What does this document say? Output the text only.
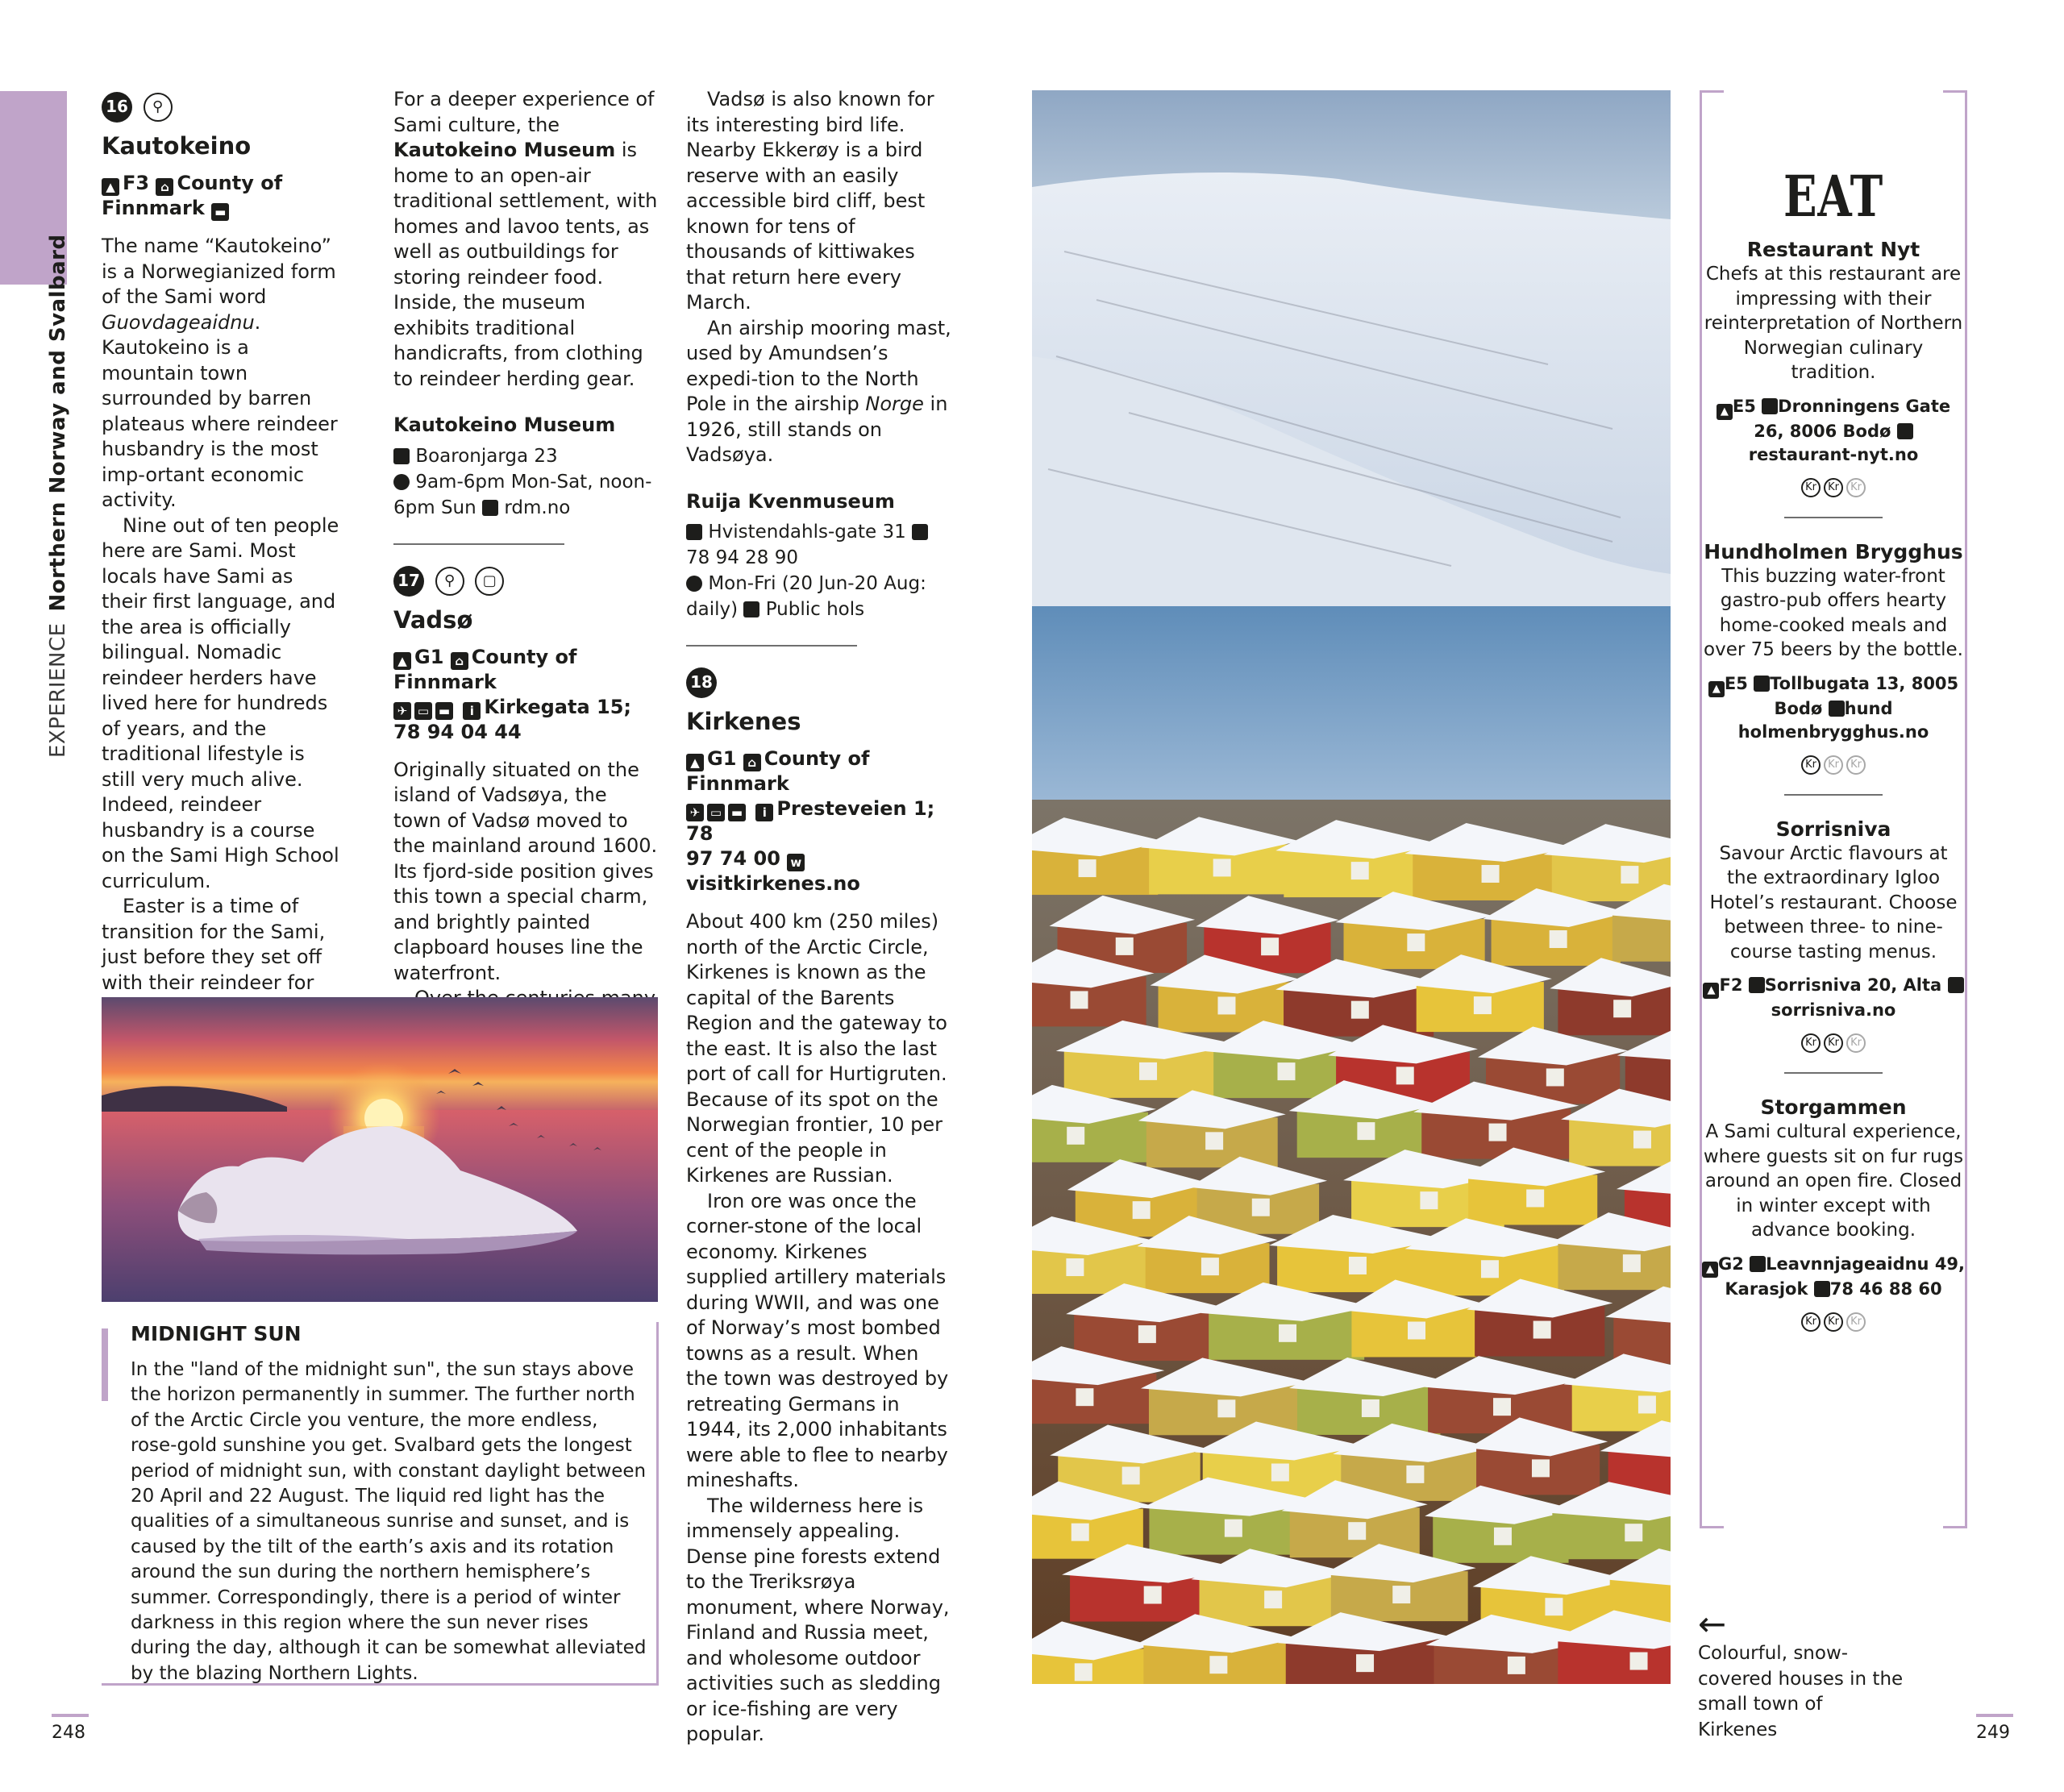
EXPERIENCENorthern Norway and Svalbard
16 ⚲
Kautokeino
▲ F3 ⌂ County of Finnmark ▬

The name “Kautokeino” is a Norwegianized form of the Sami word Guovdageaidnu. Kautokeino is a mountain town surrounded by barren plateaus where reindeer husbandry is the most imp-ortant economic activity.

Nine out of ten people here are Sami. Most locals have Sami as their first language, and the area is officially bilingual. Nomadic reindeer herders have lived here for hundreds of years, and the traditional lifestyle is still very much alive. Indeed, reindeer husbandry is a course on the Sami High School curriculum.

Easter is a time of transition for the Sami, just before they set off with their reindeer for

For a deeper experience of Sami culture, the Kautokeino Museum is home to an open-air traditional settlement, with homes and lavoo tents, as well as outbuildings for storing reindeer food. Inside, the museum exhibits traditional handicrafts, from clothing to reindeer herding gear.

Kautokeino Museum
Boaronjarga 23
9am-6pm Mon-Sat, noon-6pm Sun rdm.no
17 ⚲ ▢
Vadsø
▲ G1 ⌂ County of Finnmark
✈ ▭ ▬ i Kirkegata 15;
78 94 04 44

Originally situated on the island of Vadsøya, the town of Vadsø moved to the mainland around 1600. Its fjord-side position gives this town a special charm, and brightly painted clapboard houses line the waterfront.

Vadsø is also known for its interesting bird life. Nearby Ekkerøy is a bird reserve with an easily accessible bird cliff, best known for tens of thousands of kittiwakes that return here every March.

An airship mooring mast, used by Amundsen’s expedi-tion to the North Pole in the airship Norge in 1926, still stands on Vadsøya.

Ruija Kvenmuseum
Hvistendahls-gate 31  78 94 28 90
Mon-Fri (20 Jun-20 Aug: daily) Public hols
18
Kirkenes
▲ G1 ⌂ County of Finnmark
✈ ▭ ▬ i Presteveien 1; 78
97 74 00 wvisitkirkenes.no

About 400 km (250 miles) north of the Arctic Circle, Kirkenes is known as the capital of the Barents Region and the gateway to the east. It is also the last port of call for Hurtigruten. Because of its spot on the Norwegian frontier, 10 per cent of the people in Kirkenes are Russian.

Iron ore was once the corner-stone of the local economy. Kirkenes supplied artillery materials during WWII, and was one of Norway’s most bombed towns as a result. When the town was destroyed by retreating Germans in 1944, its 2,000 inhabitants were able to flee to nearby mineshafts.

The wilderness here is immensely appealing. Dense pine forests extend to the Treriksrøya monument, where Norway, Finland and Russia meet, and wholesome outdoor activities such as sledding or ice-fishing are very popular.

MIDNIGHT SUN
In the "land of the midnight sun", the sun stays above the horizon permanently in summer. The further north of the Arctic Circle you venture, the more endless, rose-gold sunshine you get. Svalbard gets the longest period of midnight sun, with constant daylight between 20 April and 22 August. The liquid red light has the qualities of a simultaneous sunrise and sunset, and is caused by the tilt of the earth’s axis and its rotation around the sun during the northern hemisphere’s summer. Correspondingly, there is a period of winter darkness in this region where the sun never rises during the day, although it can be somewhat alleviated by the blazing Northern Lights.
EAT
Restaurant Nyt
Chefs at this restaurant are impressing with their reinterpretation of Northern Norwegian culinary tradition.
▲ E5 Dronningens Gate 26, 8006 Bodø restaurant-nyt.no
Kr Kr Kr
Hundholmen Brygghus
This buzzing water-front gastro-pub offers hearty home-cooked meals and over 75 beers by the bottle.
▲ E5 Tollbugata 13, 8005 Bodø hund holmenbrygghus.no
Kr Kr Kr
Sorrisniva
Savour Arctic flavours at the extraordinary Igloo Hotel’s restaurant. Choose between three- to nine-course tasting menus.
▲ F2 Sorrisniva 20, Alta sorrisniva.no
Kr Kr Kr
Storgammen
A Sami cultural experience, where guests sit on fur rugs around an open fire. Closed in winter except with advance booking.
▲ G2 Leavnnjageaidnu 49, Karasjok 78 46 88 60
Kr Kr Kr
←
Colourful, snow-covered houses in the small town of Kirkenes
248	249
